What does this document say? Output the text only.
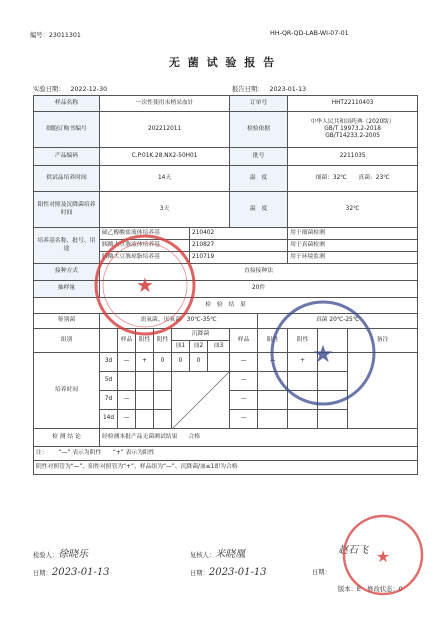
编号：23011301	HH-QR-QD-LAB-WI-07-01
无 菌 试 验 报 告
实验日期： 2022-12-30	报告日期： 2023-01-13
样品名称	一次性使用末梢采血针							订单号		HHT22110403		
细胞订购书编号	202212011							检验依据		中华人民共和国药典（2020版）
GB/T 19973.2-2018
GB/T14233.2-2005		

产品编码	C.P.01K.28.NX2-50H01							批号		2211035		
供试品培养时间	14天							温　度		细菌：32℃　　真菌：23℃		
阳性对照及沉降菌培养时间	3天							温　度		32℃		
培养基名称、批号、用途	硫乙醇酸盐流体培养基					210402				用于细菌检测		
	胰酪大豆胨液体培养基					210827				用于真菌检测		
	胰酪大豆胨琼脂培养基					210719				用于环境监测		
接种方式	直接接种法											
抽样量	20件											
检　验　结　果												
鉴别菌	需氧菌、厌氧菌　30℃-35℃								真菌 20℃-25℃			
组别		样品	阳性	阴性	沉降菌			样品	阳性	阴性		备注
					皿1	皿2	皿3					
培养时间	3d	—	+	0	0	0		—	—	+		
	5d							—				
	7d	—						—				
	14d	—						—				
检 测 结 论	经检测本批产品无菌测试结果 合格											
注： “—” 表示为阴性　　“+” 表示为阳性												
阴性对照管为“—”、阳性对照管为“+”、样品组为“—”、沉降菌/皿≤1即为合格												
检验人：徐晓乐	复核人：米晓凰	赵石飞
日期：2023-01-13	日期：2023-01-13	日期：
版本：E　修改状态：0
★
★
★
